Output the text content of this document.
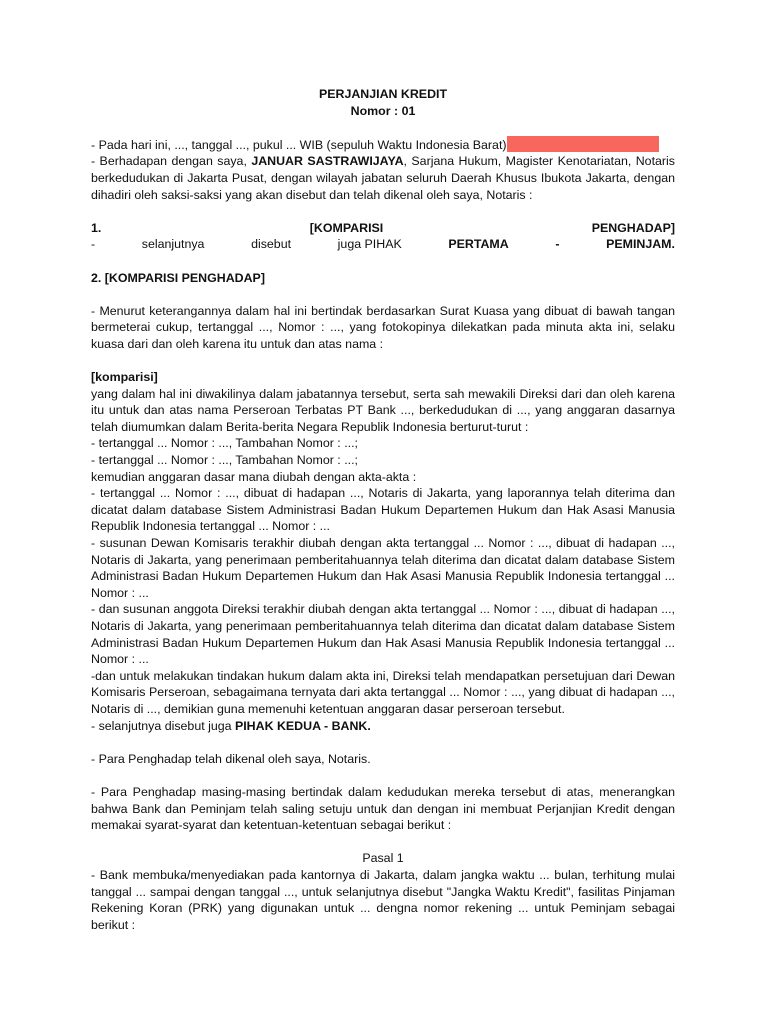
PERJANJIAN KREDIT

Nomor : 01

- Pada hari ini, ..., tanggal ..., pukul ... WIB (sepuluh Waktu Indonesia Barat)

- Berhadapan dengan saya, JANUAR SASTRAWIJAYA, Sarjana Hukum, Magister Kenotariatan, Notaris berkedudukan di Jakarta Pusat, dengan wilayah jabatan seluruh Daerah Khusus Ibukota Jakarta, dengan dihadiri oleh saksi-saksi yang akan disebut dan telah dikenal oleh saya, Notaris :

1.	[KOMPARISI	PENGHADAP]
-	selanjutnya	disebut	juga PIHAK	PERTAMA	-	PEMINJAM.

2. [KOMPARISI PENGHADAP]

- Menurut keterangannya dalam hal ini bertindak berdasarkan Surat Kuasa yang dibuat di bawah tangan bermeterai cukup, tertanggal ..., Nomor : ..., yang fotokopinya dilekatkan pada minuta akta ini, selaku kuasa dari dan oleh karena itu untuk dan atas nama :

[komparisi]

yang dalam hal ini diwakilinya dalam jabatannya tersebut, serta sah mewakili Direksi dari dan oleh karena itu untuk dan atas nama Perseroan Terbatas PT Bank ..., berkedudukan di ..., yang anggaran dasarnya telah diumumkan dalam Berita-berita Negara Republik Indonesia berturut-turut :

- tertanggal ... Nomor : ..., Tambahan Nomor : ...;

- tertanggal ... Nomor : ..., Tambahan Nomor : ...;

kemudian anggaran dasar mana diubah dengan akta-akta :

- tertanggal ... Nomor : ..., dibuat di hadapan ..., Notaris di Jakarta, yang laporannya telah diterima dan dicatat dalam database Sistem Administrasi Badan Hukum Departemen Hukum dan Hak Asasi Manusia Republik Indonesia tertanggal ... Nomor : ...

- susunan Dewan Komisaris terakhir diubah dengan akta tertanggal ... Nomor : ..., dibuat di hadapan ..., Notaris di Jakarta, yang penerimaan pemberitahuannya telah diterima dan dicatat dalam database Sistem Administrasi Badan Hukum Departemen Hukum dan Hak Asasi Manusia Republik Indonesia tertanggal ... Nomor : ...

- dan susunan anggota Direksi terakhir diubah dengan akta tertanggal ... Nomor : ..., dibuat di hadapan ..., Notaris di Jakarta, yang penerimaan pemberitahuannya telah diterima dan dicatat dalam database Sistem Administrasi Badan Hukum Departemen Hukum dan Hak Asasi Manusia Republik Indonesia tertanggal ... Nomor : ...

-dan untuk melakukan tindakan hukum dalam akta ini, Direksi telah mendapatkan persetujuan dari Dewan Komisaris Perseroan, sebagaimana ternyata dari akta tertanggal ... Nomor : ..., yang dibuat di hadapan ..., Notaris di ..., demikian guna memenuhi ketentuan anggaran dasar perseroan tersebut.

- selanjutnya disebut juga PIHAK KEDUA - BANK.

- Para Penghadap telah dikenal oleh saya, Notaris.

- Para Penghadap masing-masing bertindak dalam kedudukan mereka tersebut di atas, menerangkan bahwa Bank dan Peminjam telah saling setuju untuk dan dengan ini membuat Perjanjian Kredit dengan memakai syarat-syarat dan ketentuan-ketentuan sebagai berikut :

Pasal 1

- Bank membuka/menyediakan pada kantornya di Jakarta, dalam jangka waktu ... bulan, terhitung mulai tanggal ... sampai dengan tanggal ..., untuk selanjutnya disebut "Jangka Waktu Kredit", fasilitas Pinjaman Rekening Koran (PRK) yang digunakan untuk ... dengna nomor rekening ... untuk Peminjam sebagai berikut :
